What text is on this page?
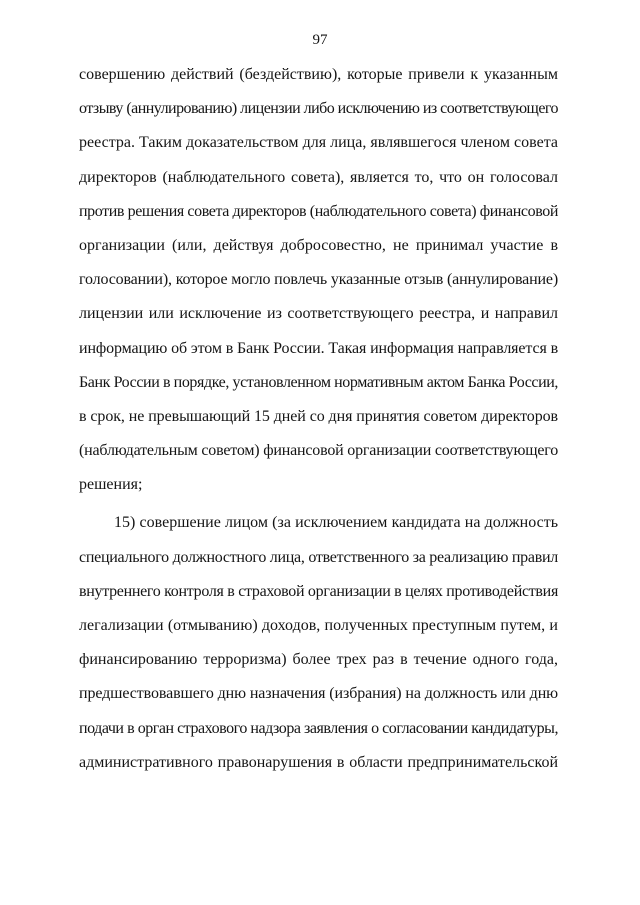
97
совершению действий (бездействию), которые привели к указанным
отзыву (аннулированию) лицензии либо исключению из соответствующего
реестра. Таким доказательством для лица, являвшегося членом совета
директоров (наблюдательного совета), является то, что он голосовал
против решения совета директоров (наблюдательного совета) финансовой
организации (или, действуя добросовестно, не принимал участие в
голосовании), которое могло повлечь указанные отзыв (аннулирование)
лицензии или исключение из соответствующего реестра, и направил
информацию об этом в Банк России. Такая информация направляется в
Банк России в порядке, установленном нормативным актом Банка России,
в срок, не превышающий 15 дней со дня принятия советом директоров
(наблюдательным советом) финансовой организации соответствующего
решения;
15) совершение лицом (за исключением кандидата на должность
специального должностного лица, ответственного за реализацию правил
внутреннего контроля в страховой организации в целях противодействия
легализации (отмыванию) доходов, полученных преступным путем, и
финансированию терроризма) более трех раз в течение одного года,
предшествовавшего дню назначения (избрания) на должность или дню
подачи в орган страхового надзора заявления о согласовании кандидатуры,
административного правонарушения в области предпринимательской
